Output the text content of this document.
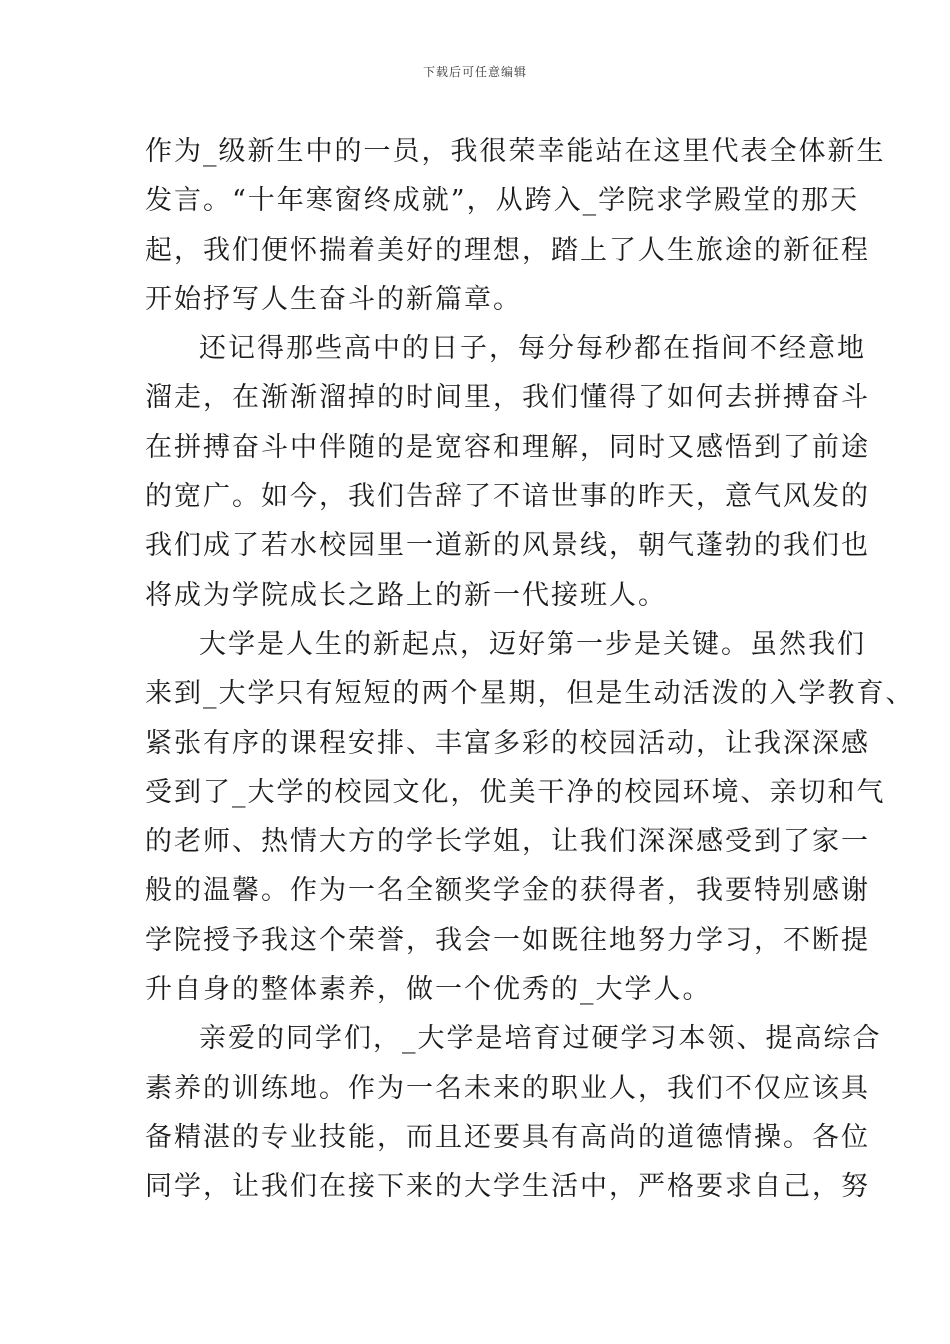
下载后可任意编辑
作为_级新生中的一员，我很荣幸能站在这里代表全体新生
发言。“十年寒窗终成就”，从跨入_学院求学殿堂的那天
起，我们便怀揣着美好的理想，踏上了人生旅途的新征程
开始抒写人生奋斗的新篇章。
还记得那些高中的日子，每分每秒都在指间不经意地
溜走，在渐渐溜掉的时间里，我们懂得了如何去拼搏奋斗
在拼搏奋斗中伴随的是宽容和理解，同时又感悟到了前途
的宽广。如今，我们告辞了不谙世事的昨天，意气风发的
我们成了若水校园里一道新的风景线，朝气蓬勃的我们也
将成为学院成长之路上的新一代接班人。
大学是人生的新起点，迈好第一步是关键。虽然我们
来到_大学只有短短的两个星期，但是生动活泼的入学教育、
紧张有序的课程安排、丰富多彩的校园活动，让我深深感
受到了_大学的校园文化，优美干净的校园环境、亲切和气
的老师、热情大方的学长学姐，让我们深深感受到了家一
般的温馨。作为一名全额奖学金的获得者，我要特别感谢
学院授予我这个荣誉，我会一如既往地努力学习，不断提
升自身的整体素养，做一个优秀的_大学人。
亲爱的同学们，_大学是培育过硬学习本领、提高综合
素养的训练地。作为一名未来的职业人，我们不仅应该具
备精湛的专业技能，而且还要具有高尚的道德情操。各位
同学，让我们在接下来的大学生活中，严格要求自己，努
